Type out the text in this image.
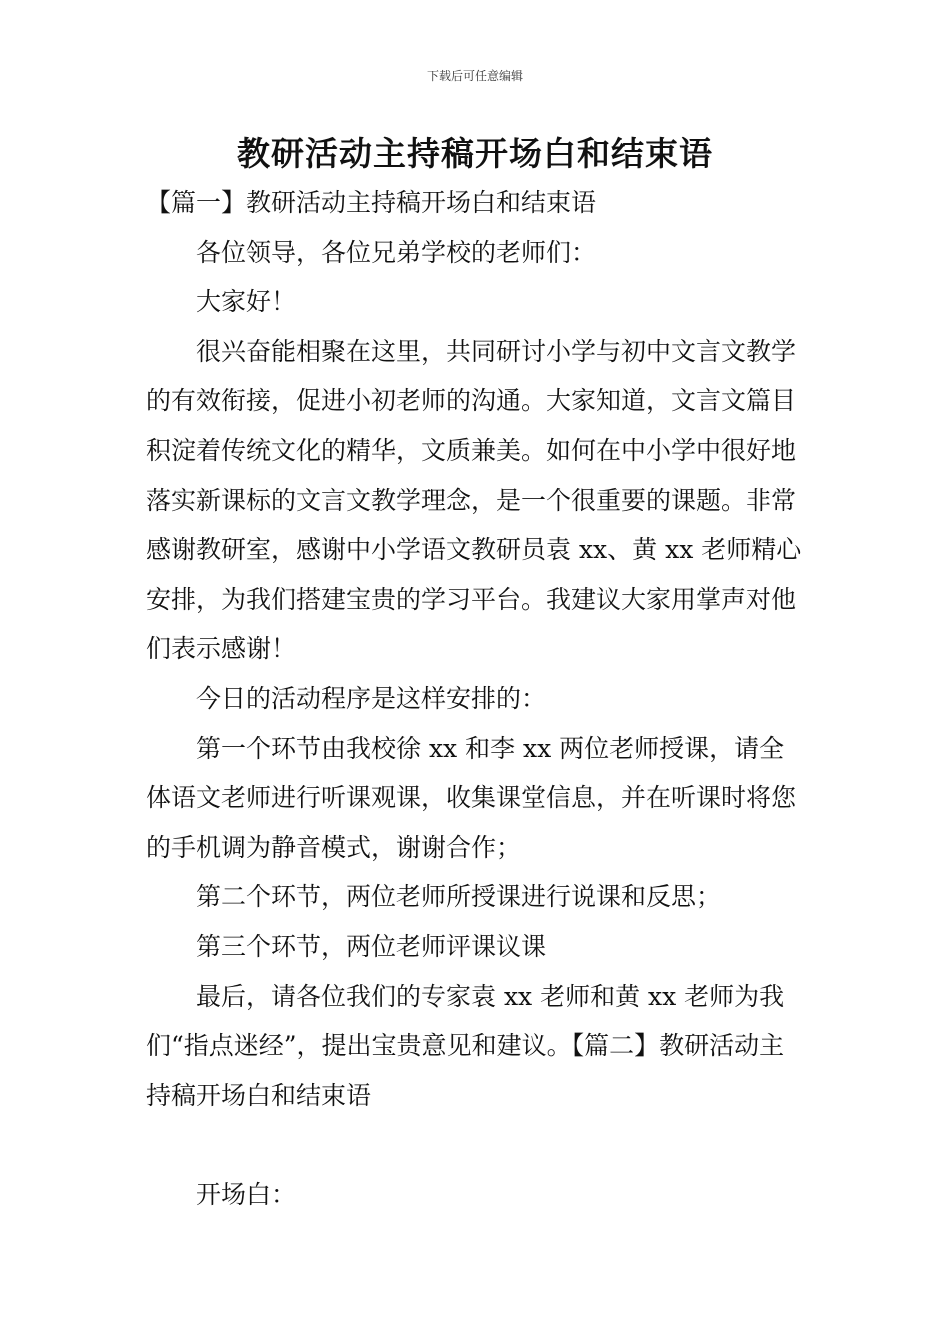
下载后可任意编辑
教研活动主持稿开场白和结束语

【篇一】教研活动主持稿开场白和结束语

各位领导，各位兄弟学校的老师们：

大家好！

很兴奋能相聚在这里，共同研讨小学与初中文言文教学的有效衔接，促进小初老师的沟通。大家知道，文言文篇目积淀着传统文化的精华，文质兼美。如何在中小学中很好地落实新课标的文言文教学理念，是一个很重要的课题。非常感谢教研室，感谢中小学语文教研员袁 xx、黄 xx 老师精心安排，为我们搭建宝贵的学习平台。我建议大家用掌声对他们表示感谢！

今日的活动程序是这样安排的：

第一个环节由我校徐 xx 和李 xx 两位老师授课，请全体语文老师进行听课观课，收集课堂信息，并在听课时将您的手机调为静音模式，谢谢合作；

第二个环节，两位老师所授课进行说课和反思；

第三个环节，两位老师评课议课

最后，请各位我们的专家袁 xx 老师和黄 xx 老师为我们“指点迷经”，提出宝贵意见和建议。【篇二】教研活动主持稿开场白和结束语

开场白：
